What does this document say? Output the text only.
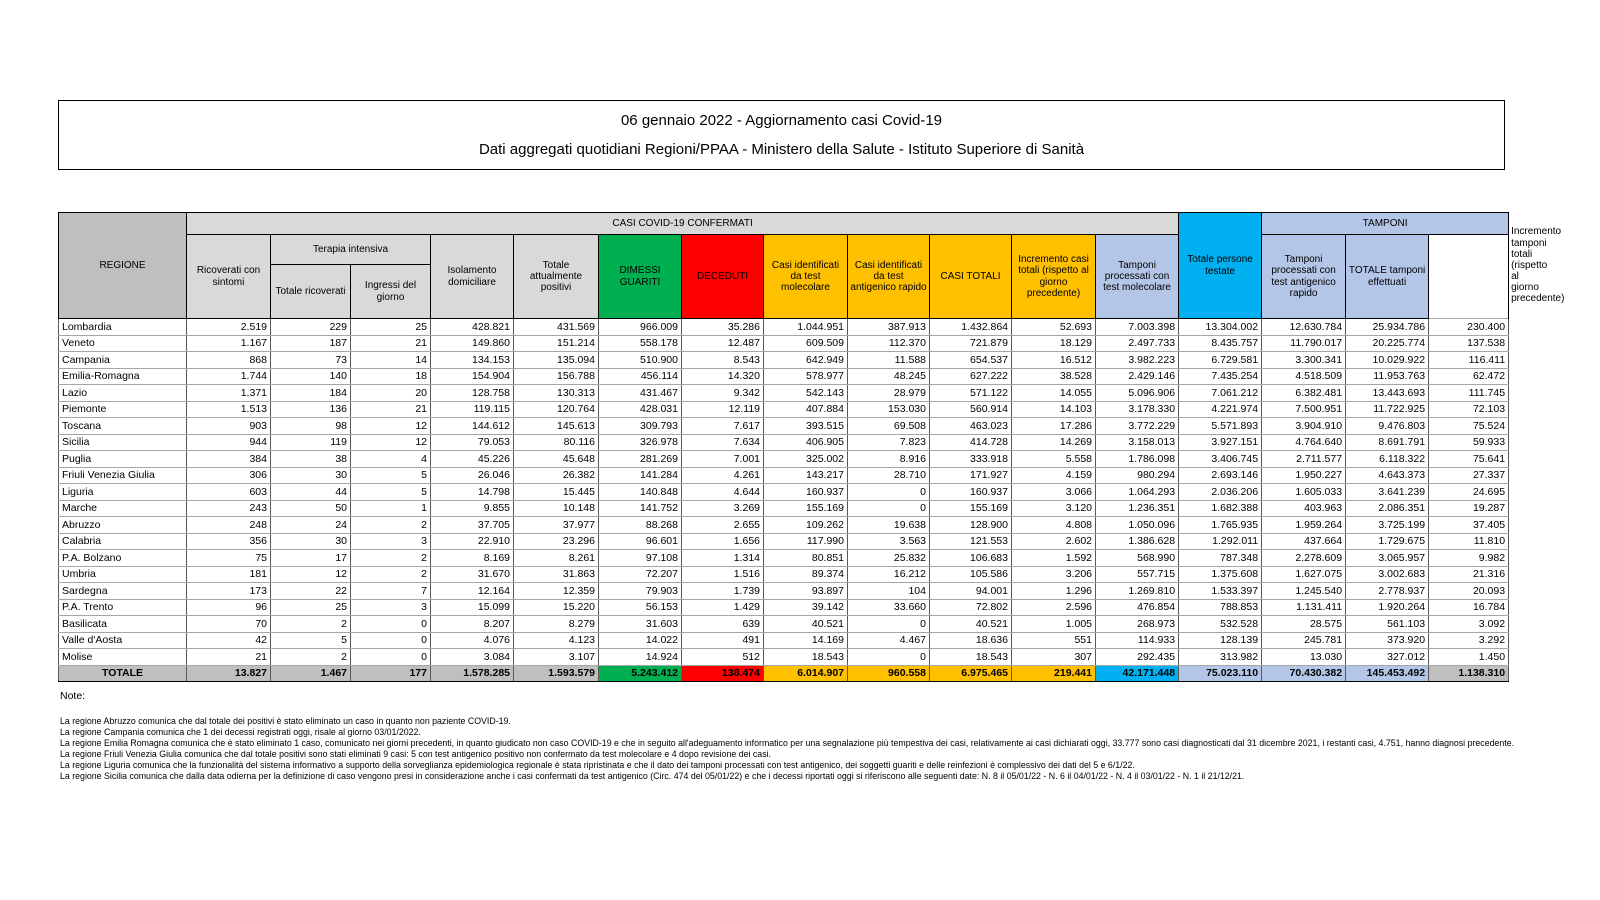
06 gennaio 2022 - Aggiornamento casi Covid-19
Dati aggregati quotidiani Regioni/PPAA - Ministero della Salute - Istituto Superiore di Sanità
REGIONE	CASI COVID-19 CONFERMATI												Totale persone testate	TAMPONI			Incremento tamponi totali (rispetto al giorno precedente)
	Ricoverati con sintomi	Terapia intensiva		Isolamento domiciliare	Totale attualmente positivi	DIMESSI GUARITI	DECEDUTI	Casi identificati da test molecolare	Casi identificati da test antigenico rapido	CASI TOTALI	Incremento casi totali (rispetto al giorno precedente)	Tamponi processati con test molecolare		Tamponi processati con test antigenico rapido	TOTALE tamponi effettuati		
		Totale ricoverati	Ingressi del giorno														
Lombardia	2.519	229	25	428.821	431.569	966.009	35.286	1.044.951	387.913	1.432.864	52.693	7.003.398	13.304.002	12.630.784	25.934.786	230.400	
Veneto	1.167	187	21	149.860	151.214	558.178	12.487	609.509	112.370	721.879	18.129	2.497.733	8.435.757	11.790.017	20.225.774	137.538	
Campania	868	73	14	134.153	135.094	510.900	8.543	642.949	11.588	654.537	16.512	3.982.223	6.729.581	3.300.341	10.029.922	116.411	
Emilia-Romagna	1.744	140	18	154.904	156.788	456.114	14.320	578.977	48.245	627.222	38.528	2.429.146	7.435.254	4.518.509	11.953.763	62.472	
Lazio	1.371	184	20	128.758	130.313	431.467	9.342	542.143	28.979	571.122	14.055	5.096.906	7.061.212	6.382.481	13.443.693	111.745	
Piemonte	1.513	136	21	119.115	120.764	428.031	12.119	407.884	153.030	560.914	14.103	3.178.330	4.221.974	7.500.951	11.722.925	72.103	
Toscana	903	98	12	144.612	145.613	309.793	7.617	393.515	69.508	463.023	17.286	3.772.229	5.571.893	3.904.910	9.476.803	75.524	
Sicilia	944	119	12	79.053	80.116	326.978	7.634	406.905	7.823	414.728	14.269	3.158.013	3.927.151	4.764.640	8.691.791	59.933	
Puglia	384	38	4	45.226	45.648	281.269	7.001	325.002	8.916	333.918	5.558	1.786.098	3.406.745	2.711.577	6.118.322	75.641	
Friuli Venezia Giulia	306	30	5	26.046	26.382	141.284	4.261	143.217	28.710	171.927	4.159	980.294	2.693.146	1.950.227	4.643.373	27.337	
Liguria	603	44	5	14.798	15.445	140.848	4.644	160.937	0	160.937	3.066	1.064.293	2.036.206	1.605.033	3.641.239	24.695	
Marche	243	50	1	9.855	10.148	141.752	3.269	155.169	0	155.169	3.120	1.236.351	1.682.388	403.963	2.086.351	19.287	
Abruzzo	248	24	2	37.705	37.977	88.268	2.655	109.262	19.638	128.900	4.808	1.050.096	1.765.935	1.959.264	3.725.199	37.405	
Calabria	356	30	3	22.910	23.296	96.601	1.656	117.990	3.563	121.553	2.602	1.386.628	1.292.011	437.664	1.729.675	11.810	
P.A. Bolzano	75	17	2	8.169	8.261	97.108	1.314	80.851	25.832	106.683	1.592	568.990	787.348	2.278.609	3.065.957	9.982	
Umbria	181	12	2	31.670	31.863	72.207	1.516	89.374	16.212	105.586	3.206	557.715	1.375.608	1.627.075	3.002.683	21.316	
Sardegna	173	22	7	12.164	12.359	79.903	1.739	93.897	104	94.001	1.296	1.269.810	1.533.397	1.245.540	2.778.937	20.093	
P.A. Trento	96	25	3	15.099	15.220	56.153	1.429	39.142	33.660	72.802	2.596	476.854	788.853	1.131.411	1.920.264	16.784	
Basilicata	70	2	0	8.207	8.279	31.603	639	40.521	0	40.521	1.005	268.973	532.528	28.575	561.103	3.092	
Valle d'Aosta	42	5	0	4.076	4.123	14.022	491	14.169	4.467	18.636	551	114.933	128.139	245.781	373.920	3.292	
Molise	21	2	0	3.084	3.107	14.924	512	18.543	0	18.543	307	292.435	313.982	13.030	327.012	1.450	
TOTALE	13.827	1.467	177	1.578.285	1.593.579	5.243.412	138.474	6.014.907	960.558	6.975.465	219.441	42.171.448	75.023.110	70.430.382	145.453.492	1.138.310	
Note:
La regione Abruzzo comunica che dal totale dei positivi è stato eliminato un caso in quanto non paziente COVID-19.
La regione Campania comunica che 1 dei decessi registrati oggi, risale al giorno 03/01/2022.
La regione Emilia Romagna comunica che è stato eliminato 1 caso, comunicato nei giorni precedenti, in quanto giudicato non caso COVID-19 e che in seguito all'adeguamento informatico per una segnalazione più tempestiva dei casi, relativamente ai casi dichiarati oggi, 33.777 sono casi diagnosticati dal 31 dicembre 2021, i restanti casi, 4.751, hanno diagnosi precedente.
La regione Friuli Venezia Giulia comunica che dal totale positivi sono stati eliminati 9 casi: 5 con test antigenico positivo non confermato da test molecolare e 4 dopo revisione dei casi.
La regione Liguria comunica che la funzionalità del sistema informativo a supporto della sorveglianza epidemiologica regionale è stata ripristinata e che il dato dei tamponi processati con test antigenico, dei soggetti guariti e delle reinfezioni è complessivo dei dati del 5 e 6/1/22.
La regione Sicilia comunica che dalla data odierna per la definizione di caso vengono presi in considerazione anche i casi confermati da test antigenico (Circ. 474 del 05/01/22) e che i decessi riportati oggi si riferiscono alle seguenti date: N. 8 il 05/01/22 - N. 6 il 04/01/22 - N. 4 il 03/01/22 - N. 1 il 21/12/21.
